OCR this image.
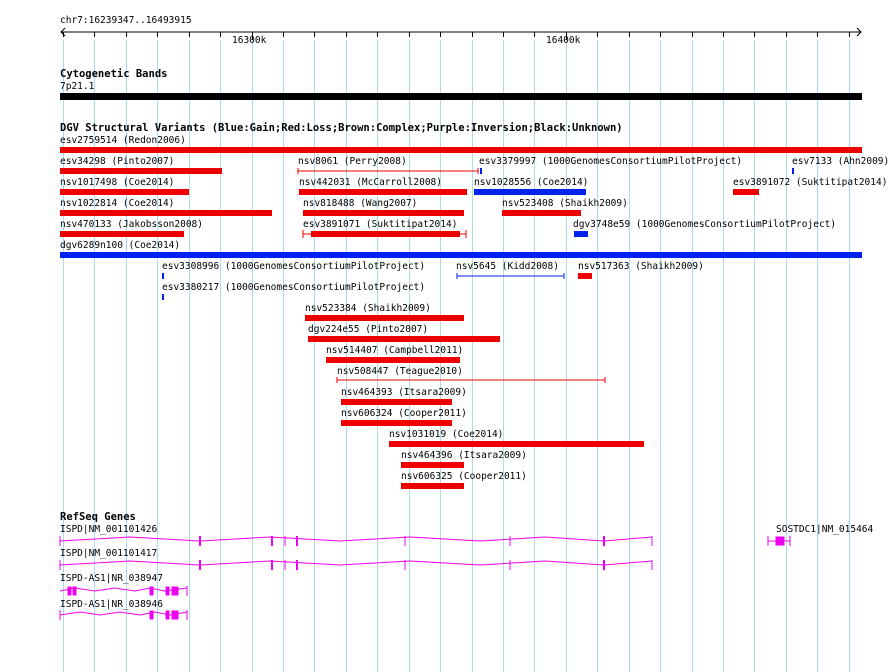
chr7:16239347..16493915
16300k	16400k
Cytogenetic Bands
7p21.1
DGV Structural Variants (Blue:Gain;Red:Loss;Brown:Complex;Purple:Inversion;Black:Unknown)
esv2759514 (Redon2006)
esv34298 (Pinto2007)	nsv8061 (Perry2008)	esv3379997 (1000GenomesConsortiumPilotProject)	esv7133 (Ahn2009)
nsv1017498 (Coe2014)	nsv442031 (McCarroll2008)	nsv1028556 (Coe2014)	esv3891072 (Suktitipat2014)
nsv1022814 (Coe2014)	nsv818488 (Wang2007)	nsv523408 (Shaikh2009)
nsv470133 (Jakobsson2008)	esv3891071 (Suktitipat2014)	dgv3748e59 (1000GenomesConsortiumPilotProject)
dgv6289n100 (Coe2014)
esv3308996 (1000GenomesConsortiumPilotProject)	nsv5645 (Kidd2008) nsv517363 (Shaikh2009)
esv3380217 (1000GenomesConsortiumPilotProject)
nsv523384 (Shaikh2009)
dgv224e55 (Pinto2007)
nsv514407 (Campbell2011)
nsv508447 (Teague2010)
nsv464393 (Itsara2009)
nsv606324 (Cooper2011)
nsv1031019 (Coe2014)
nsv464396 (Itsara2009)
nsv606325 (Cooper2011)
RefSeq Genes
ISPD|NM_001101426	SOSTDC1|NM_015464
ISPD|NM_001101417
ISPD-AS1|NR_038947
ISPD-AS1|NR_038946
